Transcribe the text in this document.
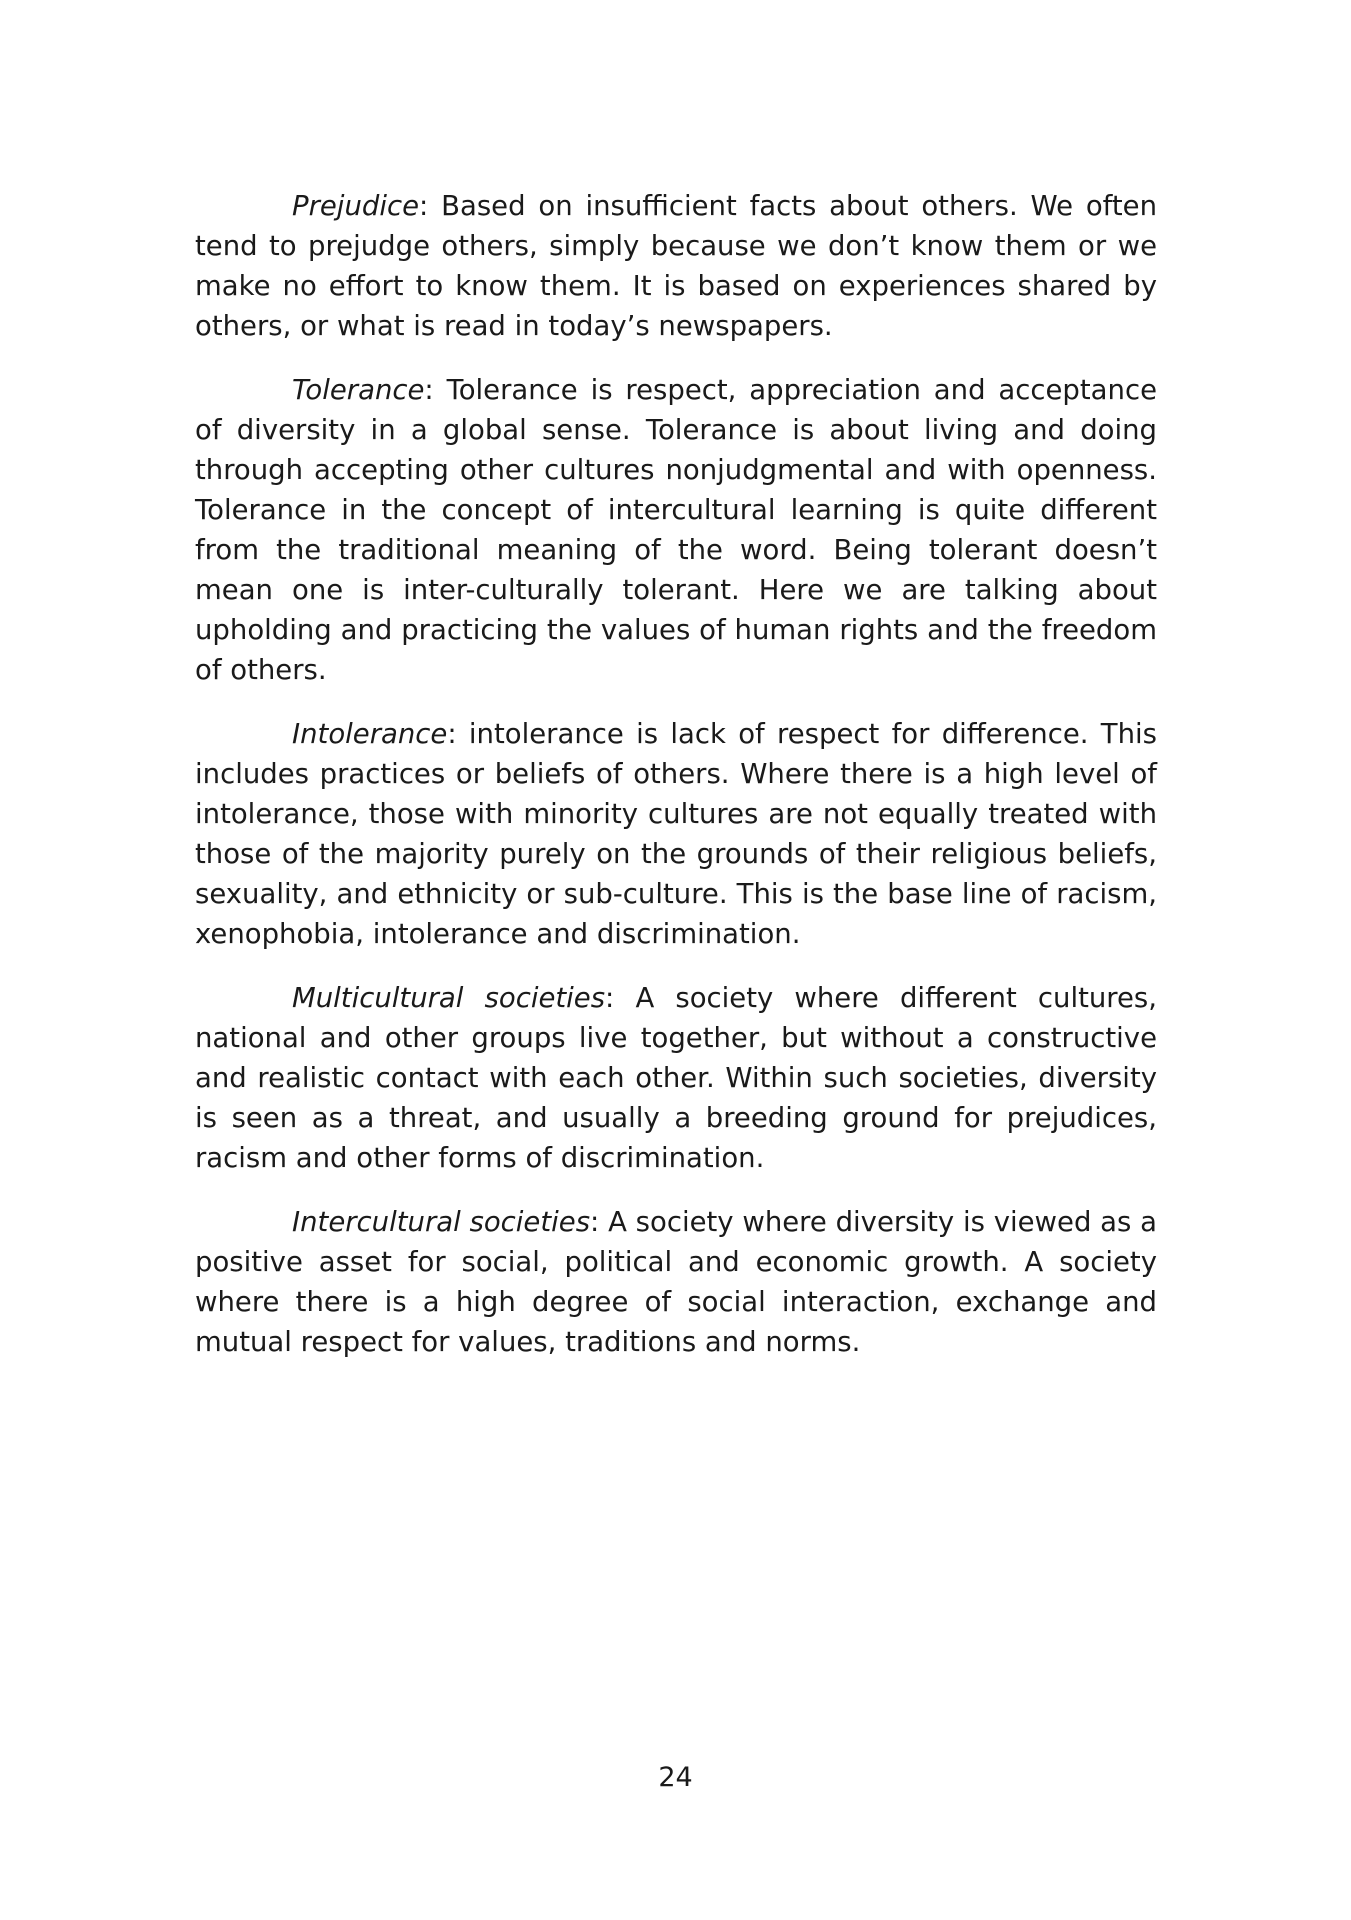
Prejudice: Based on insufficient facts about others. We often tend to prejudge others, simply because we don’t know them or we make no effort to know them. It is based on experiences shared by others, or what is read in today’s newspapers.

Tolerance: Tolerance is respect, appreciation and acceptance of diversity in a global sense. Tolerance is about living and doing through accepting other cultures nonjudgmental and with openness. Tolerance in the concept of intercultural learning is quite different from the traditional meaning of the word. Being tolerant doesn’t mean one is inter-culturally tolerant. Here we are talking about upholding and practicing the values of human rights and the freedom of others.

Intolerance: intolerance is lack of respect for difference. This includes practices or beliefs of others. Where there is a high level of intolerance, those with minority cultures are not equally treated with those of the majority purely on the grounds of their religious beliefs, sexuality, and ethnicity or sub-culture. This is the base line of racism, xenophobia, intolerance and discrimination.

Multicultural societies: A society where different cultures, national and other groups live together, but without a constructive and realistic contact with each other. Within such societies, diversity is seen as a threat, and usually a breeding ground for prejudices, racism and other forms of discrimination.

Intercultural societies: A society where diversity is viewed as a positive asset for social, political and economic growth. A society where there is a high degree of social interaction, exchange and mutual respect for values, traditions and norms.

24
